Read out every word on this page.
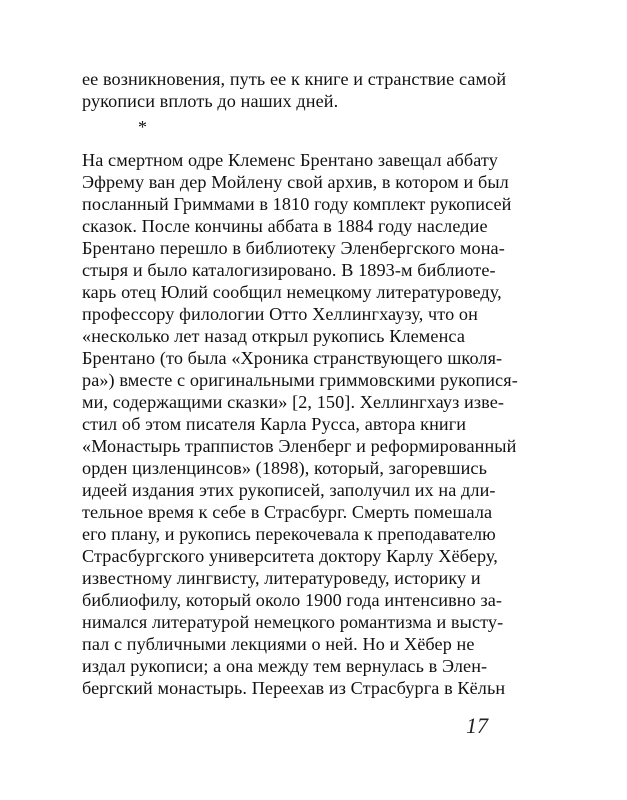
ее возникновения, путь ее к книге и странствие самой
рукописи вплоть до наших дней.
*
На смертном одре Клеменс Брентано завещал аббату
Эфрему ван дер Мойлену свой архив, в котором и был
посланный Гриммами в 1810 году комплект рукописей
сказок. После кончины аббата в 1884 году наследие
Брентано перешло в библиотеку Эленбергского мона-
стыря и было каталогизировано. В 1893-м библиоте-
карь отец Юлий сообщил немецкому литературоведу,
профессору филологии Отто Хеллингхаузу, что он
«несколько лет назад открыл рукопись Клеменса
Брентано (то была «Хроника странствующего школя-
ра») вместе с оригинальными гриммовскими рукопися-
ми, содержащими сказки» [2, 150]. Хеллингхауз изве-
стил об этом писателя Карла Русса, автора книги
«Монастырь траппистов Эленберг и реформированный
орден цизленцинсов» (1898), который, загоревшись
идеей издания этих рукописей, заполучил их на дли-
тельное время к себе в Страсбург. Смерть помешала
его плану, и рукопись перекочевала к преподавателю
Страсбургского университета доктору Карлу Хёберу,
известному лингвисту, литературоведу, историку и
библиофилу, который около 1900 года интенсивно за-
нимался литературой немецкого романтизма и высту-
пал с публичными лекциями о ней. Но и Хёбер не
издал рукописи; а она между тем вернулась в Элен-
бергский монастырь. Переехав из Страсбурга в Кёльн
17
